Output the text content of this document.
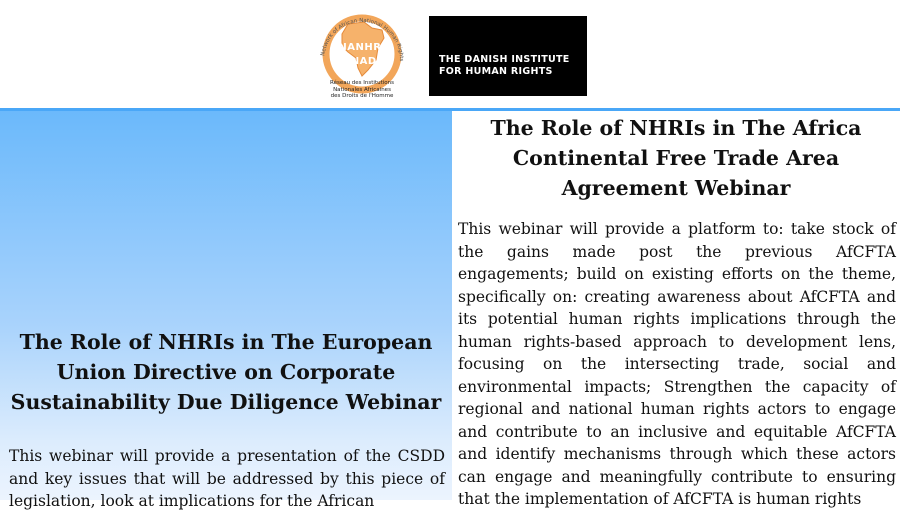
Network of African National Human Rights
NANHRI
RINADH
Réseau des Institutions Nationales Africaines des Droits de l'Homme
THE DANISH INSTITUTE FOR HUMAN RIGHTS
The Role of NHRIs in The European Union Directive on Corporate Sustainability Due Diligence Webinar

This webinar will provide a presentation of the CSDD and key issues that will be addressed by this piece of legislation, look at implications for the African

The Role of NHRIs in The Africa Continental Free Trade Area Agreement Webinar

This webinar will provide a platform to: take stock of the gains made post the previous AfCFTA engagements; build on existing efforts on the theme, specifically on: creating awareness about AfCFTA and its potential human rights implications through the human rights-based approach to development lens, focusing on the intersecting trade, social and environmental impacts; Strengthen the capacity of regional and national human rights actors to engage and contribute to an inclusive and equitable AfCFTA and identify mechanisms through which these actors can engage and meaningfully contribute to ensuring that the implementation of AfCFTA is human rights
